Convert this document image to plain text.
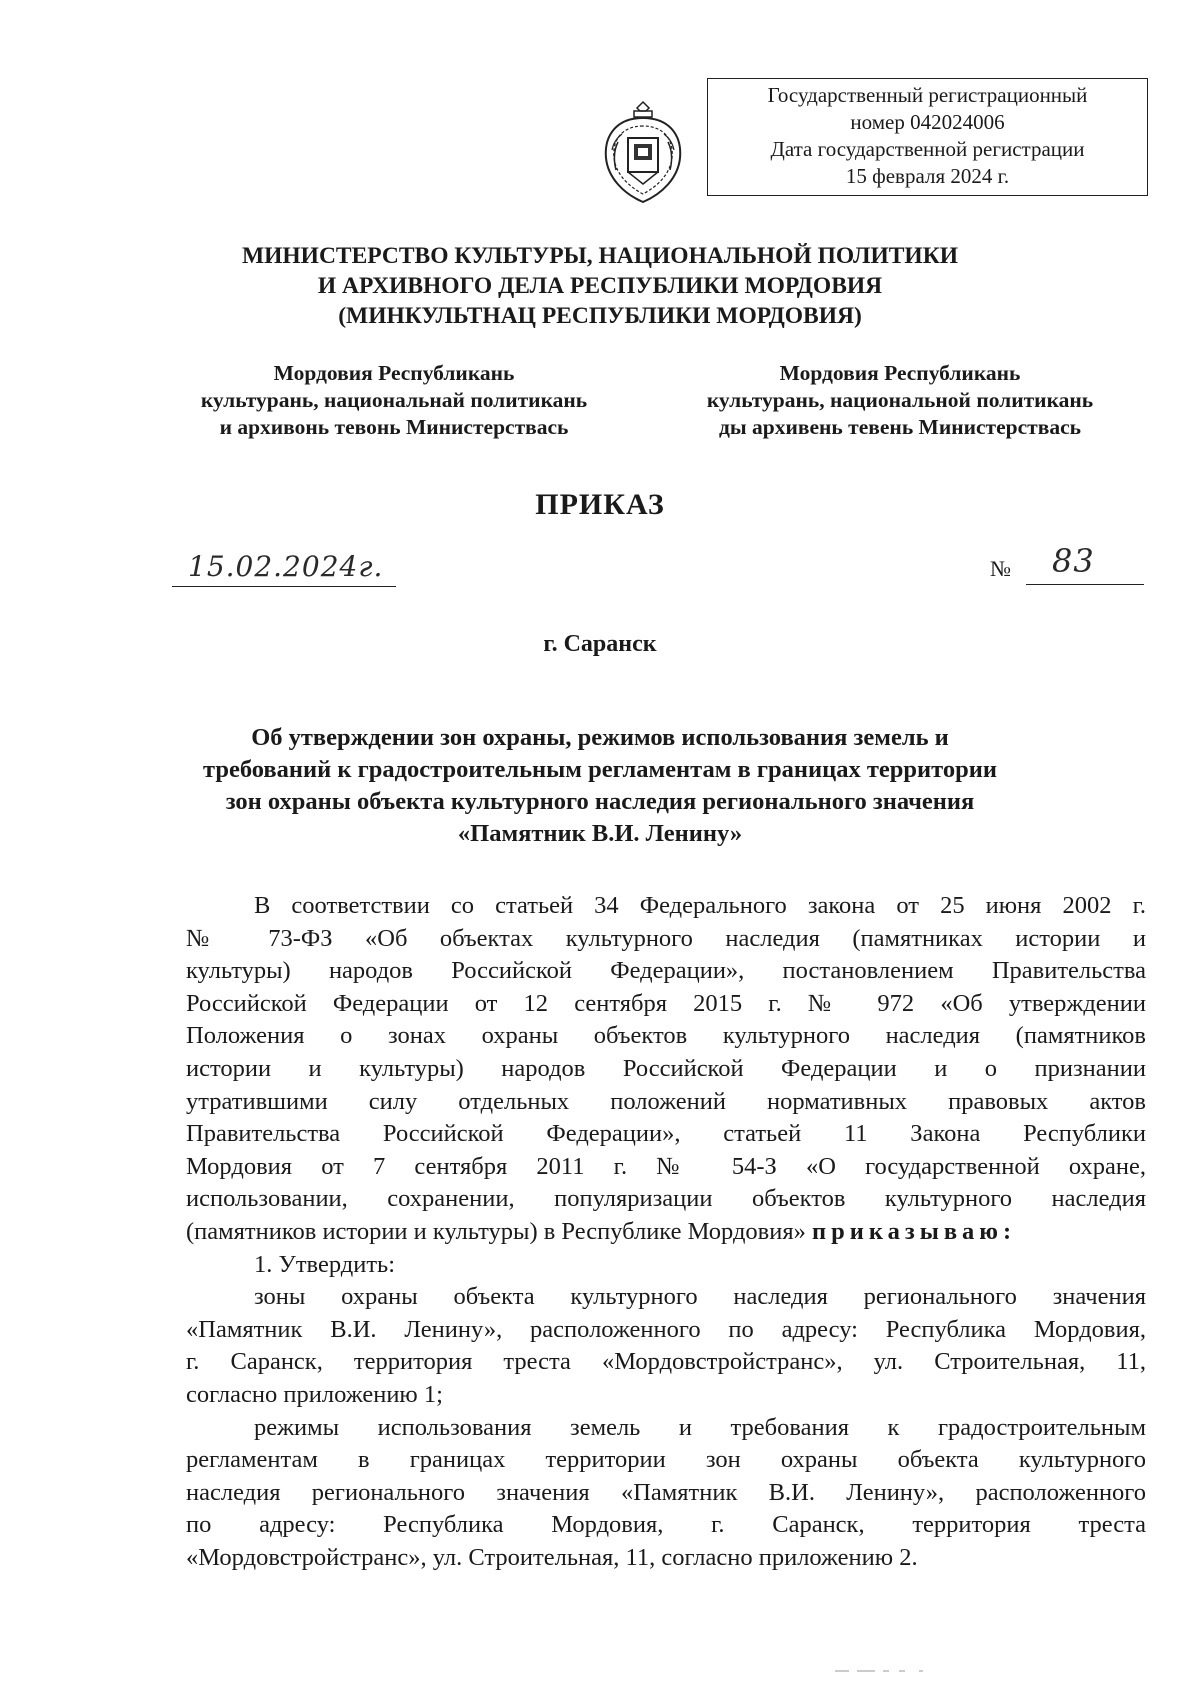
Государственный регистрационный
номер 042024006
Дата государственной регистрации
15 февраля 2024 г.
МИНИСТЕРСТВО КУЛЬТУРЫ, НАЦИОНАЛЬНОЙ ПОЛИТИКИ
И АРХИВНОГО ДЕЛА РЕСПУБЛИКИ МОРДОВИЯ
(МИНКУЛЬТНАЦ РЕСПУБЛИКИ МОРДОВИЯ)
Мордовия Республикань
культурань, национальнай политикань
и архивонь тевонь Министерствась
Мордовия Республикань
культурань, национальной политикань
ды архивень тевень Министерствась
ПРИКАЗ
15.02.2024г.	№ 83
г. Саранск
Об утверждении зон охраны, режимов использования земель и
требований к градостроительным регламентам в границах территории
зон охраны объекта культурного наследия регионального значения
«Памятник В.И. Ленину»
В соответствии со статьей 34 Федерального закона от 25 июня 2002 г.
№ 73-ФЗ «Об объектах культурного наследия (памятниках истории и
культуры) народов Российской Федерации», постановлением Правительства
Российской Федерации от 12 сентября 2015 г. № 972 «Об утверждении
Положения о зонах охраны объектов культурного наследия (памятников
истории и культуры) народов Российской Федерации и о признании
утратившими силу отдельных положений нормативных правовых актов
Правительства Российской Федерации», статьей 11 Закона Республики
Мордовия от 7 сентября 2011 г. № 54-З «О государственной охране,
использовании, сохранении, популяризации объектов культурного наследия
(памятников истории и культуры) в Республике Мордовия» приказываю:
1. Утвердить:
зоны охраны объекта культурного наследия регионального значения
«Памятник В.И. Ленину», расположенного по адресу: Республика Мордовия,
г. Саранск, территория треста «Мордовстройстранс», ул. Строительная, 11,
согласно приложению 1;
режимы использования земель и требования к градостроительным
регламентам в границах территории зон охраны объекта культурного
наследия регионального значения «Памятник В.И. Ленину», расположенного
по адресу: Республика Мордовия, г. Саранск, территория треста
«Мордовстройстранс», ул. Строительная, 11, согласно приложению 2.
